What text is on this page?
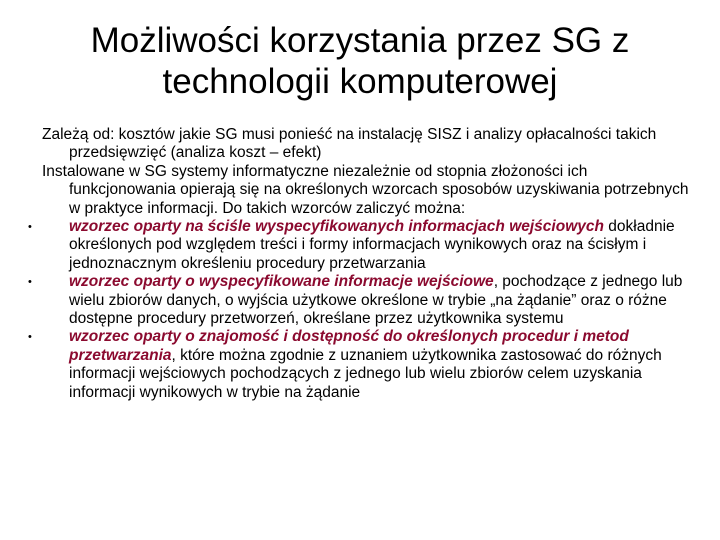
Możliwości korzystania przez SG z technologii komputerowej

Zależą od: kosztów jakie SG musi ponieść na instalację SISZ i analizy opłacalności takich przedsięwzięć (analiza koszt – efekt)

Instalowane w SG systemy informatyczne niezależnie od stopnia złożoności ich funkcjonowania opierają się na określonych wzorcach sposobów uzyskiwania potrzebnych w praktyce informacji. Do takich wzorców zaliczyć można:

• wzorzec oparty na ściśle wyspecyfikowanych informacjach wejściowych dokładnie określonych pod względem treści i formy informacjach wynikowych oraz na ścisłym i jednoznacznym określeniu procedury przetwarzania

• wzorzec oparty o wyspecyfikowane informacje wejściowe, pochodzące z jednego lub wielu zbiorów danych, o wyjścia użytkowe określone w trybie „na żądanie” oraz o różne dostępne procedury przetworzeń, określane przez użytkownika systemu

• wzorzec oparty o znajomość i dostępność do określonych procedur i metod przetwarzania, które można zgodnie z uznaniem użytkownika zastosować do różnych informacji wejściowych pochodzących z jednego lub wielu zbiorów celem uzyskania informacji wynikowych w trybie na żądanie
